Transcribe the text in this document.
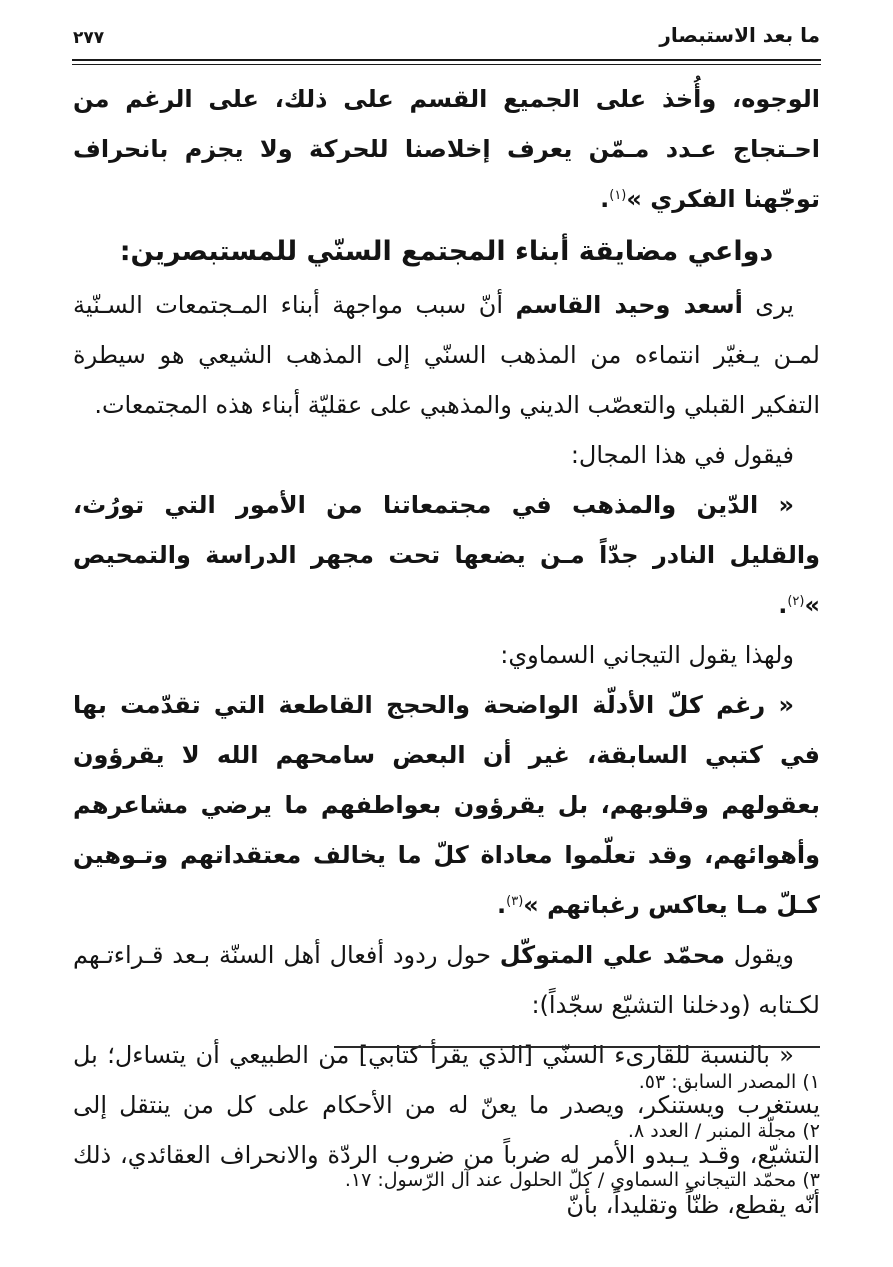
ما بعد الاستبصار
٢٧٧

الوجوه، وأُخذ على الجميع القسم على ذلك، على الرغم من احـتجاج عـدد مـمّن يعرف إخلاصنا للحركة ولا يجزم بانحراف توجّهنا الفكري »$^{(١)}$.

دواعي مضايقة أبناء المجتمع السنّي للمستبصرين:

يرى أسعد وحيد القاسم أنّ سبب مواجهة أبناء المـجتمعات السـنّية لمـن يـغيّر انتماءه من المذهب السنّي إلى المذهب الشيعي هو سيطرة التفكير القبلي والتعصّب الديني والمذهبي على عقليّة أبناء هذه المجتمعات.

فيقول في هذا المجال:

« الدّين والمذهب في مجتمعاتنا من الأمور التي تورُث، والقليل النادر جدّاً مـن يضعها تحت مجهر الدراسة والتمحيص »$^{(٢)}$.

ولهذا يقول التيجاني السماوي:

« رغم كلّ الأدلّة الواضحة والحجج القاطعة التي تقدّمت بها في كتبي السابقة، غير أن البعض سامحهم الله لا يقرؤون بعقولهم وقلوبهم، بل يقرؤون بعواطفهم ما يرضي مشاعرهم وأهوائهم، وقد تعلّموا معاداة كلّ ما يخالف معتقداتهم وتـوهين كـلّ مـا يعاكس رغباتهم »$^{(٣)}$.

ويقول محمّد علي المتوكّل حول ردود أفعال أهل السنّة بـعد قـراءتـهم لكـتابه (ودخلنا التشيّع سجّداً):

« بالنسبة للقارىء السنّي [الذي يقرأ كتابي] من الطبيعي أن يتساءل؛ بل يستغرب ويستنكر، ويصدر ما يعنّ له من الأحكام على كل من ينتقل إلى التشيّع، وقـد يـبدو الأمر له ضرباً من ضروب الردّة والانحراف العقائدي، ذلك أنّه يقطع، ظنّاً وتقليداً، بأنّ

١) المصدر السابق: ٥٣.

٢) مجلّة المنبر / العدد ٨.

٣) محمّد التيجاني السماوي / كلّ الحلول عند آل الرّسول: ١٧.
